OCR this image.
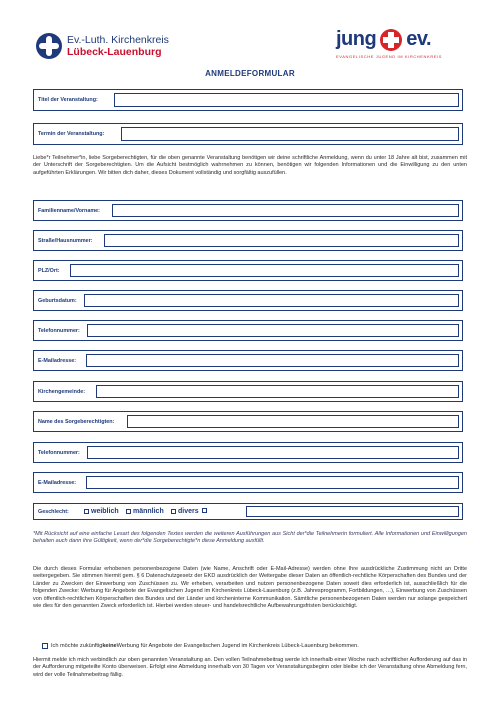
Ev.-Luth. Kirchenkreis
Lübeck-Lauenburg
jung ev.
EVANGELISCHE JUGEND IM KIRCHENKREIS
ANMELDEFORMULAR
Titel der Veranstaltung:
Termin der Veranstaltung:
Liebe*r Teilnehmer*in, liebe Sorgeberechtigten, für die oben genannte Veranstaltung benötigen wir deine schriftliche Anmeldung, wenn du unter 18 Jahre alt bist, zusammen mit der Unterschrift der Sorgeberechtigten. Um die Aufsicht bestmöglich wahrnehmen zu können, benötigen wir folgenden Informationen und die Einwilligung zu den unten aufgeführten Erklärungen. Wir bitten dich daher, dieses Dokument vollständig und sorgfältig auszufüllen.
Familienname/Vorname:
Straße/Hausnummer:
PLZ/Ort:
Geburtsdatum:
Telefonnummer:
E-Mailadresse:
Kirchengemeinde:
Name des Sorgeberechtigten:
Telefonnummer:
E-Mailadresse:
Geschlecht:	weiblich männlich divers
*Mit Rücksicht auf eine einfache Lesart des folgenden Textes werden die weiteren Ausführungen aus Sicht der*die Teilnehmerin formuliert. Alle Informationen und Einwilligungen behalten auch dann ihre Gültigkeit, wenn der*die Sorgeberechtigte*n diese Anmeldung ausfüllt.
Die durch dieses Formular erhobenen personenbezogene Daten (wie Name, Anschrift oder E-Mail-Adresse) werden ohne Ihre ausdrückliche Zustimmung nicht an Dritte weitergegeben. Sie stimmen hiermit gem. § 6 Datenschutzgesetz der EKD ausdrücklich der Weitergabe dieser Daten an öffentlich-rechtliche Körperschaften des Bundes und der Länder zu Zwecken der Einwerbung von Zuschüssen zu. Wir erheben, verarbeiten und nutzen personenbezogene Daten soweit dies erforderlich ist, ausschließlich für die folgenden Zwecke: Werbung für Angebote der Evangelischen Jugend im Kirchenkreis Lübeck-Lauenburg (z.B. Jahresprogramm, Fortbildungen, …), Einwerbung von Zuschüssen von öffentlich-rechtlichen Körperschaften des Bundes und der Länder und kircheninterne Kommunikation. Sämtliche personenbezogenen Daten werden nur solange gespeichert wie dies für den genannten Zweck erforderlich ist. Hierbei werden steuer- und handelsrechtliche Aufbewahrungsfristen berücksichtigt.
Ich möchte zukünftig keine Werbung für Angebote der Evangelischen Jugend im Kirchenkreis Lübeck-Lauenburg bekommen.
Hiermit melde ich mich verbindlich zur oben genannten Veranstaltung an. Den vollen Teilnahmebeitrag werde ich innerhalb einer Woche nach schriftlicher Aufforderung auf das in der Aufforderung mitgeteilte Konto überweisen. Erfolgt eine Abmeldung innerhalb von 30 Tagen vor Veranstaltungsbeginn oder bleibe ich der Veranstaltung ohne Abmeldung fern, wird der volle Teilnahmebeitrag fällig.
